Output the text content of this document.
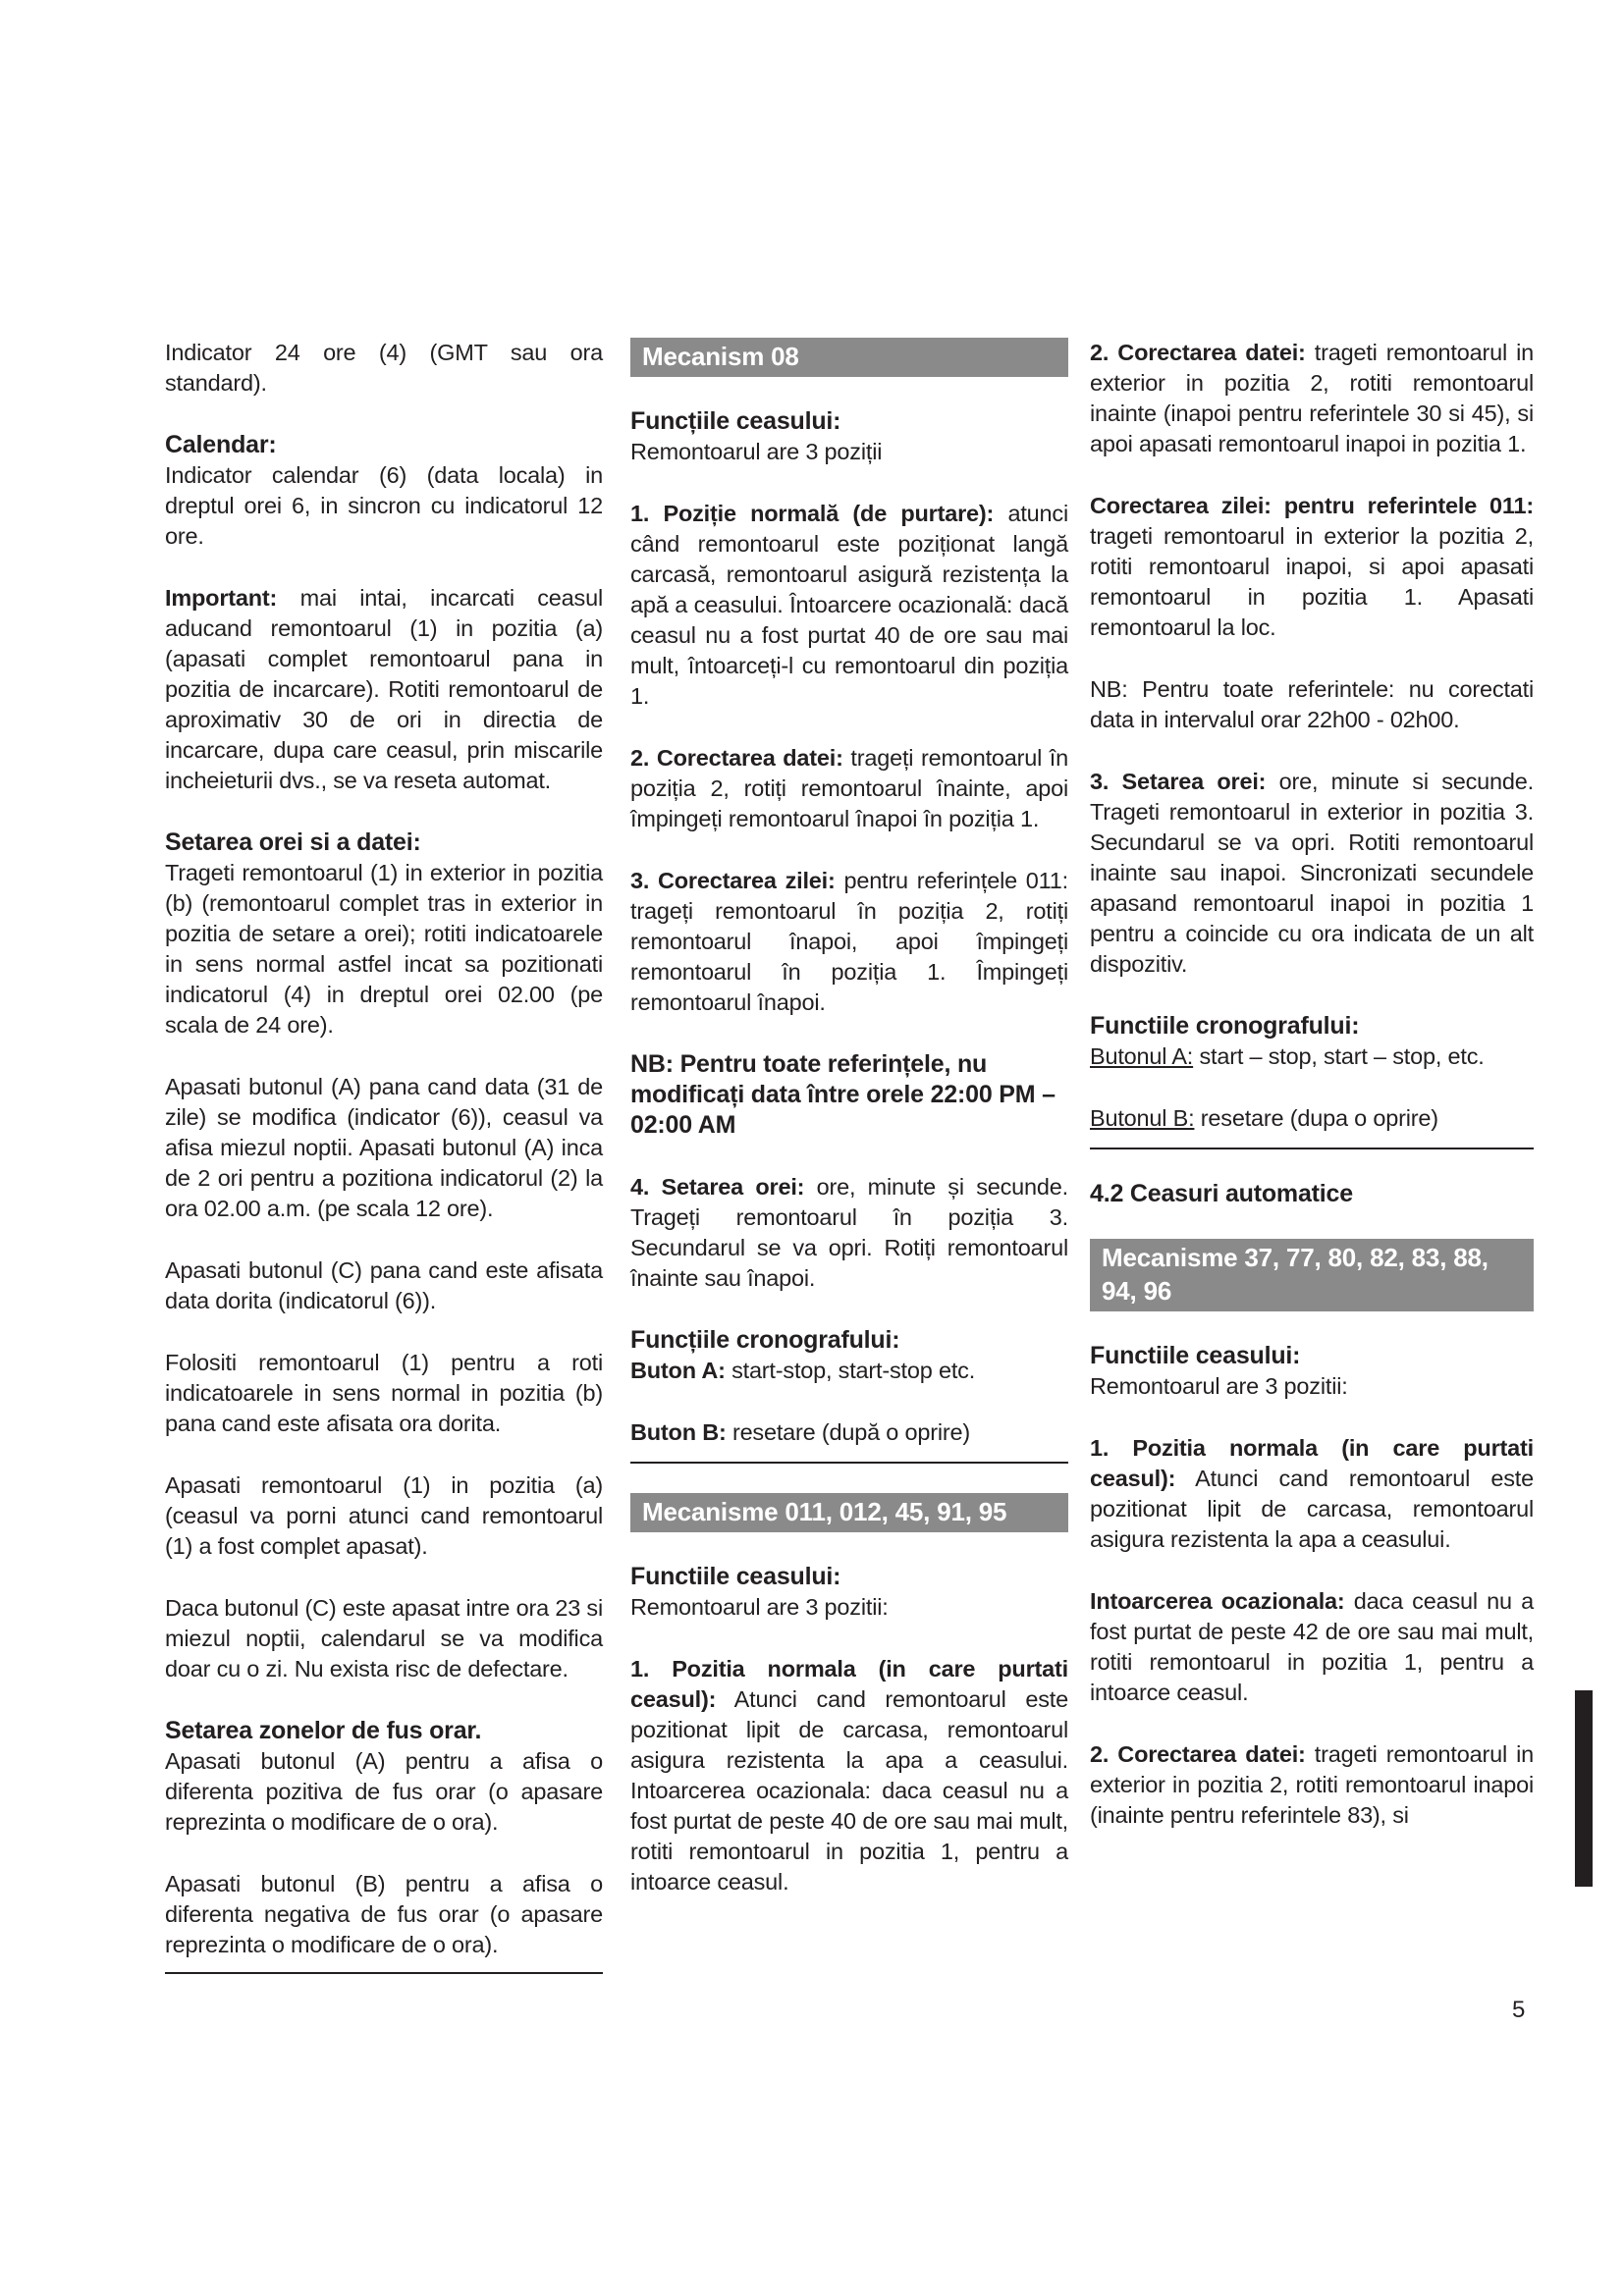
Indicator 24 ore (4) (GMT sau ora standard).

Calendar:

Indicator calendar (6) (data locala) in dreptul orei 6, in sincron cu indicatorul 12 ore.

Important: mai intai, incarcati ceasul aducand remontoarul (1) in pozitia (a) (apasati complet remontoarul pana in pozitia de incarcare). Rotiti remontoarul de aproximativ 30 de ori in directia de incarcare, dupa care ceasul, prin miscarile incheieturii dvs., se va reseta automat.

Setarea orei si a datei:

Trageti remontoarul (1) in exterior in pozitia (b) (remontoarul complet tras in exterior in pozitia de setare a orei); rotiti indicatoarele in sens normal astfel incat sa pozitionati indicatorul (4) in dreptul orei 02.00 (pe scala de 24 ore).

Apasati butonul (A) pana cand data (31 de zile) se modifica (indicator (6)), ceasul va afisa miezul noptii. Apasati butonul (A) inca de 2 ori pentru a pozitiona indicatorul (2) la ora 02.00 a.m. (pe scala 12 ore).

Apasati butonul (C) pana cand este afisata data dorita (indicatorul (6)).

Folositi remontoarul (1) pentru a roti indicatoarele in sens normal in pozitia (b) pana cand este afisata ora dorita.

Apasati remontoarul (1) in pozitia (a) (ceasul va porni atunci cand remontoarul (1) a fost complet apasat).

Daca butonul (C) este apasat intre ora 23 si miezul noptii, calendarul se va modifica doar cu o zi. Nu exista risc de defectare.

Setarea zonelor de fus orar.

Apasati butonul (A) pentru a afisa o diferenta pozitiva de fus orar (o apasare reprezinta o modificare de o ora).

Apasati butonul (B) pentru a afisa o diferenta negativa de fus orar (o apasare reprezinta o modificare de o ora).

Mecanism 08

Funcțiile ceasului:

Remontoarul are 3 poziții

1. Poziție normală (de purtare): atunci când remontoarul este poziționat langă carcasă, remontoarul asigură rezistența la apă a ceasului. Întoarcere ocazională: dacă ceasul nu a fost purtat 40 de ore sau mai mult, întoarceți-l cu remontoarul din poziția 1.

2. Corectarea datei: trageți remontoarul în poziția 2, rotiți remontoarul înainte, apoi împingeți remontoarul înapoi în poziția 1.

3. Corectarea zilei: pentru referințele 011: trageți remontoarul în poziția 2, rotiți remontoarul înapoi, apoi împingeți remontoarul în poziția 1. Împingeți remontoarul înapoi.

NB: Pentru toate referințele, nu modificați data între orele 22:00 PM – 02:00 AM

4. Setarea orei: ore, minute și secunde. Trageți remontoarul în poziția 3. Secundarul se va opri. Rotiți remontoarul înainte sau înapoi.

Funcțiile cronografului:

Buton A: start-stop, start-stop etc.

Buton B: resetare (după o oprire)

Mecanisme 011, 012, 45, 91, 95

Functiile ceasului:

Remontoarul are 3 pozitii:

1. Pozitia normala (in care purtati ceasul): Atunci cand remontoarul este pozitionat lipit de carcasa, remontoarul asigura rezistenta la apa a ceasului. Intoarcerea ocazionala: daca ceasul nu a fost purtat de peste 40 de ore sau mai mult, rotiti remontoarul in pozitia 1, pentru a intoarce ceasul.

2. Corectarea datei: trageti remontoarul in exterior in pozitia 2, rotiti remontoarul inainte (inapoi pentru referintele 30 si 45), si apoi apasati remontoarul inapoi in pozitia 1.

Corectarea zilei: pentru referintele 011: trageti remontoarul in exterior la pozitia 2, rotiti remontoarul inapoi, si apoi apasati remontoarul in pozitia 1. Apasati remontoarul la loc.

NB: Pentru toate referintele: nu corectati data in intervalul orar 22h00 - 02h00.

3. Setarea orei: ore, minute si secunde. Trageti remontoarul in exterior in pozitia 3. Secundarul se va opri. Rotiti remontoarul inainte sau inapoi. Sincronizati secundele apasand remontoarul inapoi in pozitia 1 pentru a coincide cu ora indicata de un alt dispozitiv.

Functiile cronografului:

Butonul A: start – stop, start – stop, etc.

Butonul B: resetare (dupa o oprire)

4.2 Ceasuri automatice

Mecanisme 37, 77, 80, 82, 83, 88, 94, 96

Functiile ceasului:

Remontoarul are 3 pozitii:

1. Pozitia normala (in care purtati ceasul): Atunci cand remontoarul este pozitionat lipit de carcasa, remontoarul asigura rezistenta la apa a ceasului.

Intoarcerea ocazionala: daca ceasul nu a fost purtat de peste 42 de ore sau mai mult, rotiti remontoarul in pozitia 1, pentru a intoarce ceasul.

2. Corectarea datei: trageti remontoarul in exterior in pozitia 2, rotiti remontoarul inapoi (inainte pentru referintele 83), si

5
